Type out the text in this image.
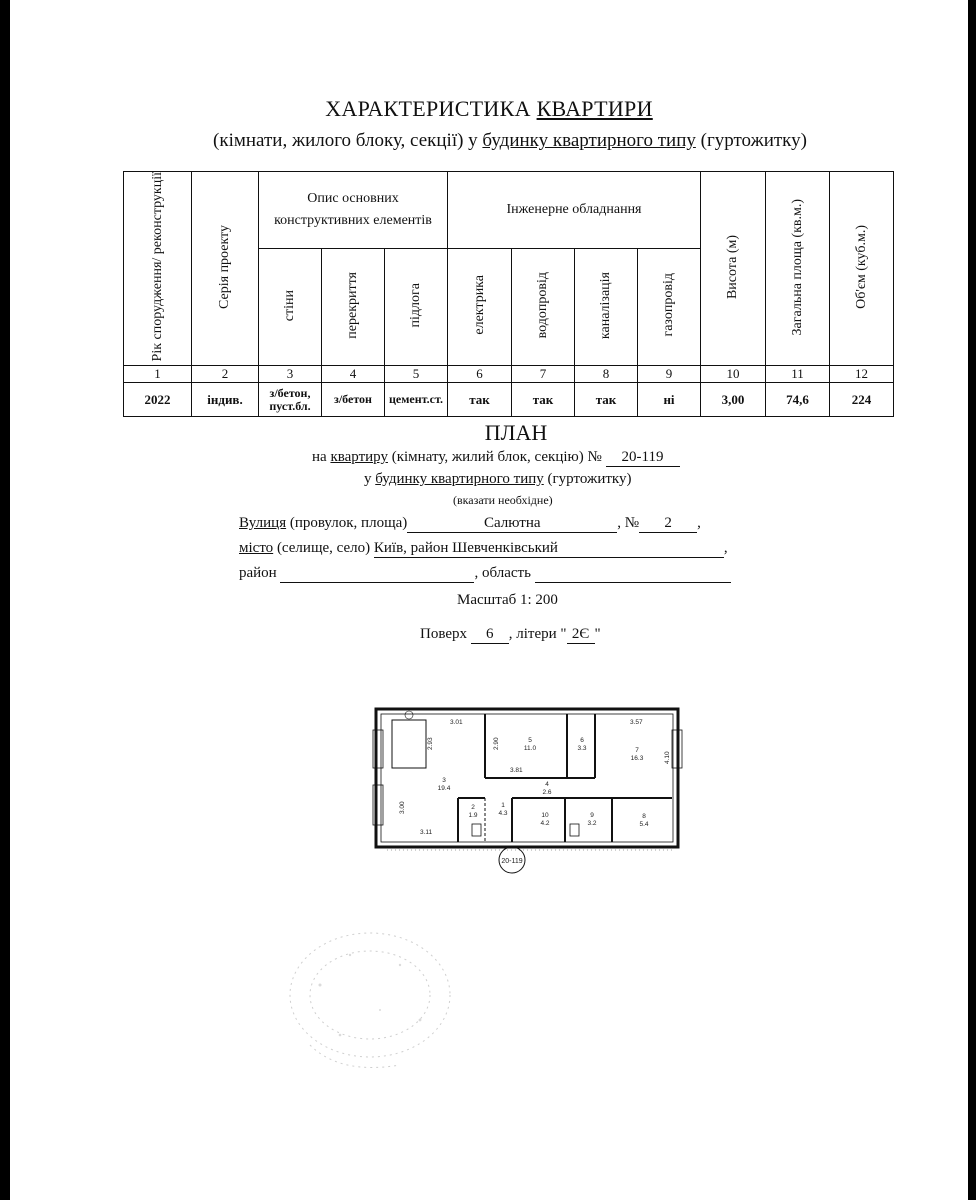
ХАРАКТЕРИСТИКА КВАРТИРИ
(кімнати, жилого блоку, секції) у будинку квартирного типу (гуртожитку)
Рік спорудження/ реконструкції	Серія проекту	Опис основних конструктивних елементів			Інженерне обладнання				Висота (м)	Загальна площа (кв.м.)	Об'єм (куб.м.)
		стіни	перекриття	підлога	електрика	водопровід	каналізація	газопровід			
1	2	3	4	5	6	7	8	9	10	11	12
2022	індив.	з/бетон, пуст.бл.	з/бетон	цемент.ст.	так	так	так	ні	3,00	74,6	224
ПЛАН
на квартиру (кімнату, жилий блок, секцію) № 20-119
у будинку квартирного типу (гуртожитку)
(вказати необхідне)
Вулиця (провулок, площа)	Салютна	, № 2 ,
місто (селище, село) Київ, район Шевченківський	,
район	, область
Масштаб 1: 200
Поверх 6 , літери " 2Є "
3.01
2.93	2.90
3.57
4.10
3.81
3.00
3.11
1
4.3
2
1.9
3
19.4
4
2.6
5
11.0
6
3.3	7
16.3
8
5.4
9
3.2
10
4.2
20-119
